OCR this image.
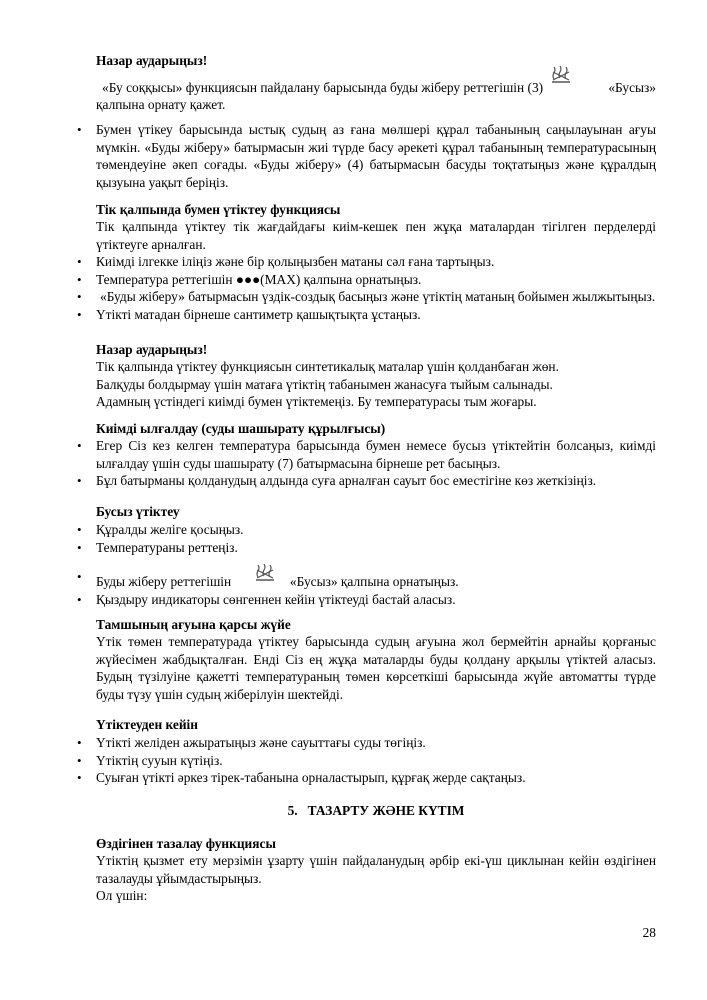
Назар аударыңыз!
«Бу соққысы» функциясын пайдалану барысында буды жіберу реттегішін (3)	«Бусыз»
қалпына орнату қажет.
• Бумен үтікеу барысында ыстық судың аз ғана мөлшері құрал табанының саңылауынан ағуы мүмкін. «Буды жіберу» батырмасын жиі түрде басу әрекеті құрал табанының температурасының төмендеуіне әкеп соғады. «Буды жіберу» (4) батырмасын басуды тоқтатыңыз және құралдың қызуына уақыт беріңіз.
Тік қалпында бумен үтіктеу функциясы
Тік қалпында үтіктеу тік жағдайдағы киім-кешек пен жұқа маталардан тігілген перделерді үтіктеуге арналған.
• Киімді ілгекке іліңіз және бір қолыңызбен матаны сәл ғана тартыңыз.
• Температура реттегішін ●●●(MAX) қалпына орнатыңыз.
• «Буды жіберу» батырмасын үздік-создық басыңыз және үтіктің матаның бойымен жылжытыңыз.
• Үтікті матадан бірнеше сантиметр қашықтықта ұстаңыз.
Назар аударыңыз!
Тік қалпында үтіктеу функциясын синтетикалық маталар үшін қолданбаған жөн.
Балқуды болдырмау үшін матаға үтіктің табанымен жанасуға тыйым салынады.
Адамның үстіндегі киімді бумен үтіктемеңіз. Бу температурасы тым жоғары.
Киімді ылғалдау (суды шашырату құрылғысы)
• Егер Сіз кез келген температура барысында бумен немесе бусыз үтіктейтін болсаңыз, киімді ылғалдау үшін суды шашырату (7) батырмасына бірнеше рет басыңыз.
• Бұл батырманы қолданудың алдында суға арналған сауыт бос еместігіне көз жеткізіңіз.
Бусыз үтіктеу
• Құралды желіге қосыңыз.
• Температураны реттеңіз.
• Буды жіберу реттегішін	«Бусыз» қалпына орнатыңыз.
• Қыздыру индикаторы сөнгеннен кейін үтіктеуді бастай аласыз.
Тамшының ағуына қарсы жүйе
Үтік төмен температурада үтіктеу барысында судың ағуына жол бермейтін арнайы қорғаныс жүйесімен жабдықталған. Енді Сіз ең жұқа маталарды буды қолдану арқылы үтіктей аласыз. Будың түзілуіне қажетті температураның төмен көрсеткіші барысында жүйе автоматты түрде буды түзу үшін судың жіберілуін шектейді.
Үтіктеуден кейін
• Үтікті желіден ажыратыңыз және сауыттағы суды төгіңіз.
• Үтіктің сууын күтіңіз.
• Суыған үтікті әркез тірек-табанына орналастырып, құрғақ жерде сақтаңыз.
5. ТАЗАРТУ ЖӘНЕ КҮТІМ
Өздігінен тазалау функциясы
Үтіктің қызмет ету мерзімін ұзарту үшін пайдаланудың әрбір екі-үш циклынан кейін өздігінен тазалауды ұйымдастырыңыз.
Ол үшін:
28
